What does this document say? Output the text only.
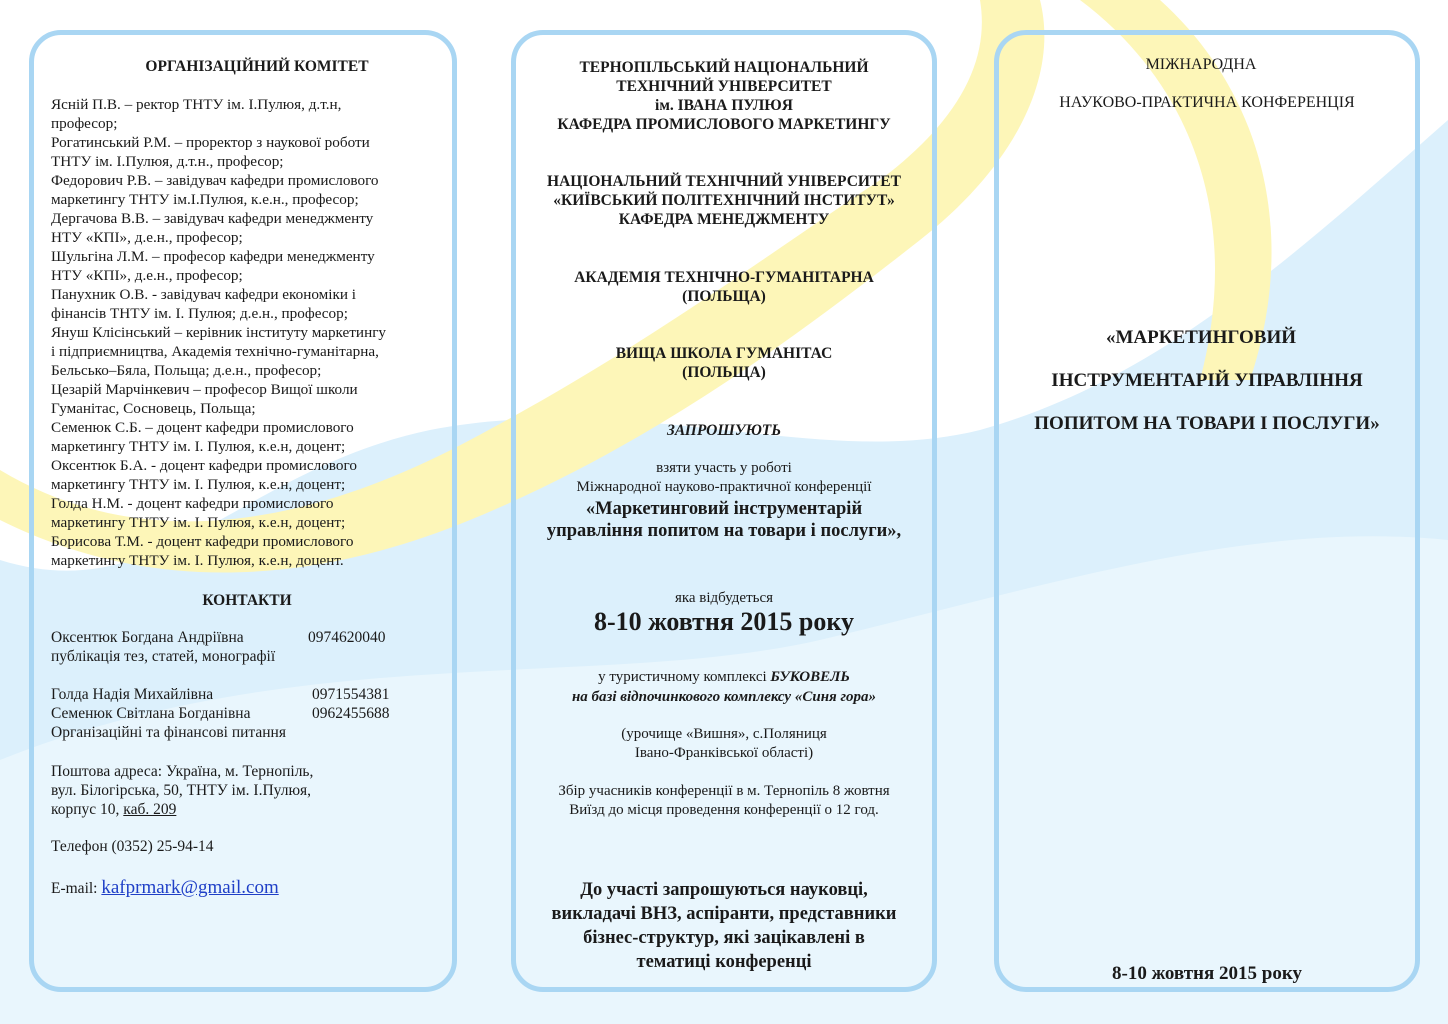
ОРГАНІЗАЦІЙНИЙ КОМІТЕТ
Ясній П.В. – ректор ТНТУ ім. І.Пулюя, д.т.н,
професор;
Рогатинський Р.М. – проректор з наукової роботи
ТНТУ ім. І.Пулюя, д.т.н., професор;
Федорович Р.В. – завідувач кафедри промислового
маркетингу ТНТУ ім.І.Пулюя, к.е.н., професор;
Дергачова В.В. – завідувач кафедри менеджменту
НТУ «КПІ», д.е.н., професор;
Шульгіна Л.М. – професор кафедри менеджменту
НТУ «КПІ», д.е.н., професор;
Панухник О.В. - завідувач кафедри економіки і
фінансів ТНТУ ім. І. Пулюя; д.е.н., професор;
Януш Клісінський – керівник інституту маркетингу
і підприємництва, Академія технічно-гуманітарна,
Бельсько–Бяла, Польща; д.е.н., професор;
Цезарій Марчінкевич – професор Вищої школи
Гуманітас, Сосновець, Польща;
Семенюк С.Б. – доцент кафедри промислового
маркетингу ТНТУ ім. І. Пулюя, к.е.н, доцент;
Оксентюк Б.А. - доцент кафедри промислового
маркетингу ТНТУ ім. І. Пулюя, к.е.н, доцент;
Голда Н.М. - доцент кафедри промислового
маркетингу ТНТУ ім. І. Пулюя, к.е.н, доцент;
Борисова Т.М. - доцент кафедри промислового
маркетингу ТНТУ ім. І. Пулюя, к.е.н, доцент.
КОНТАКТИ
Оксентюк Богдана Андріївна	0974620040
публікація тез, статей, монографії
Голда Надія Михайлівна	0971554381
Семенюк Світлана Богданівна	0962455688
Організаційні та фінансові питання
Поштова адреса: Україна, м. Тернопіль,
вул. Білогірська, 50, ТНТУ ім. І.Пулюя,
корпус 10, каб. 209
Телефон (0352) 25-94-14
E-mail: kafprmark@gmail.com
ТЕРНОПІЛЬСЬКИЙ НАЦІОНАЛЬНИЙ
ТЕХНІЧНИЙ УНІВЕРСИТЕТ
ім. ІВАНА ПУЛЮЯ
КАФЕДРА ПРОМИСЛОВОГО МАРКЕТИНГУ
НАЦІОНАЛЬНИЙ ТЕХНІЧНИЙ УНІВЕРСИТЕТ
«КИЇВСЬКИЙ ПОЛІТЕХНІЧНИЙ ІНСТИТУТ»
КАФЕДРА МЕНЕДЖМЕНТУ
АКАДЕМІЯ ТЕХНІЧНО-ГУМАНІТАРНА
(ПОЛЬЩА)
ВИЩА ШКОЛА ГУМАНІТАС
(ПОЛЬЩА)
ЗАПРОШУЮТЬ
взяти участь у роботі
Міжнародної науково-практичної конференції
«Маркетинговий інструментарій
управління попитом на товари і послуги»,
яка відбудеться
8-10 жовтня 2015 року
у туристичному комплексі БУКОВЕЛЬ
на базі відпочинкового комплексу «Синя гора»
(урочище «Вишня», с.Поляниця
Івано-Франківської області)
Збір учасників конференції в м. Тернопіль 8 жовтня
Виїзд до місця проведення конференції о 12 год.
До участі запрошуються науковці,
викладачі ВНЗ, аспіранти, представники
бізнес-структур, які зацікавлені в
тематиці конференці
МІЖНАРОДНА
НАУКОВО-ПРАКТИЧНА КОНФЕРЕНЦІЯ
«МАРКЕТИНГОВИЙ
ІНСТРУМЕНТАРІЙ УПРАВЛІННЯ
ПОПИТОМ НА ТОВАРИ І ПОСЛУГИ»
8-10 жовтня 2015 року
